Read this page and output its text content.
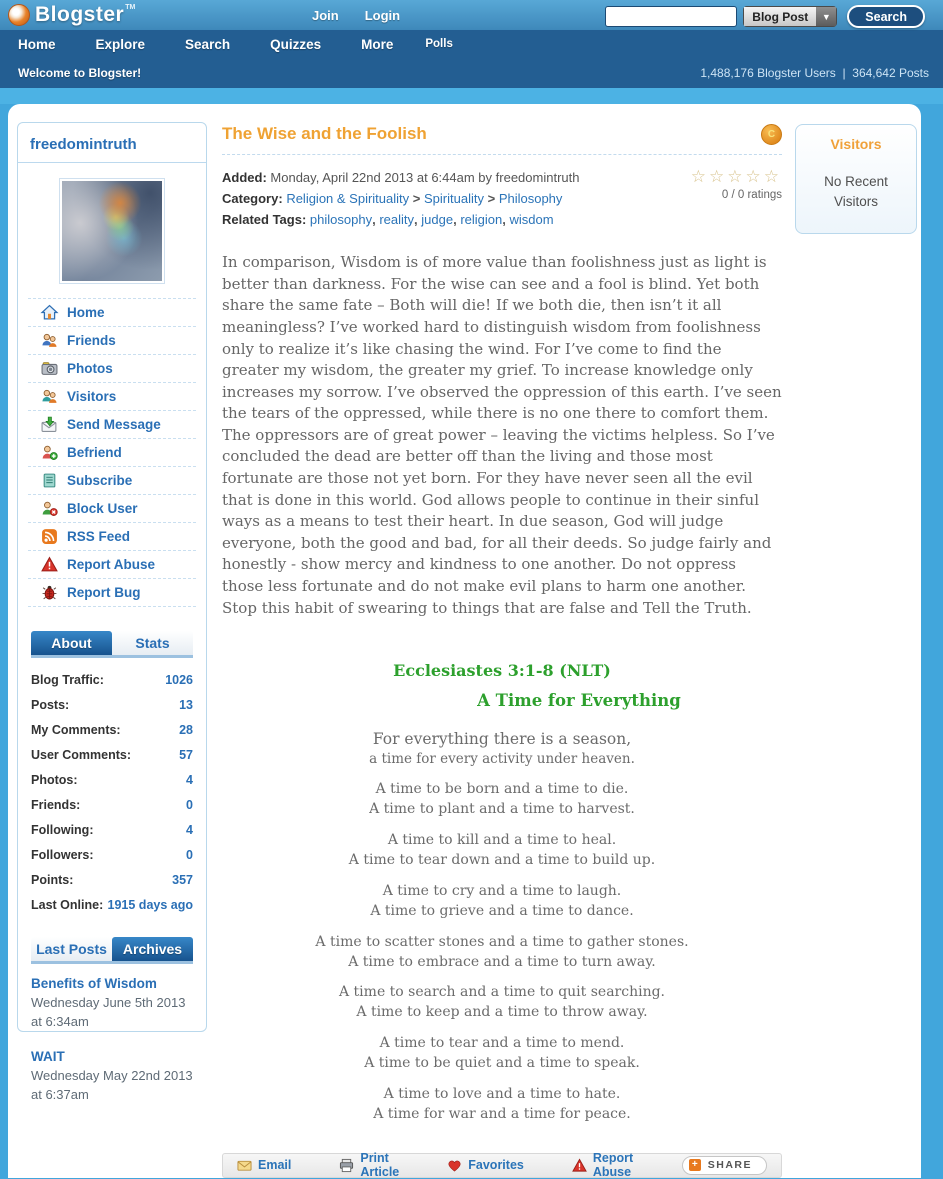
Blogster TM	Join Login
Home	Explore	Search	Quizzes	More	Polls
Welcome to Blogster!
Blog Post	▼	Search
1,488,176 Blogster Users | 364,642 Posts
freedomintruth
Home
Friends
Photos
Visitors
Send Message
Befriend
Subscribe
Block User
RSS Feed
Report Abuse
Report Bug
About	Stats
Blog Traffic:	1026
Posts:	13
My Comments:	28
User Comments:	57
Photos:	4
Friends:	0
Following:	4
Followers:	0
Points:	357
Last Online: 1915 days ago
Last Posts	Archives
Benefits of Wisdom
Wednesday June 5th 2013 at 6:34am
WAIT
Wednesday May 22nd 2013 at 6:37am
The Wise and the Foolish	C
Added: Monday, April 22nd 2013 at 6:44am by freedomintruth
Category: Religion & Spirituality > Spirituality > Philosophy
Related Tags: philosophy, reality, judge, religion, wisdom
☆☆☆☆☆
0 / 0 ratings

In comparison, Wisdom is of more value than foolishness just as light is better than darkness. For the wise can see and a fool is blind. Yet both share the same fate – Both will die! If we both die, then isn’t it all meaningless? I’ve worked hard to distinguish wisdom from foolishness only to realize it’s like chasing the wind. For I’ve come to find the greater my wisdom, the greater my grief. To increase knowledge only increases my sorrow. I’ve observed the oppression of this earth. I’ve seen the tears of the oppressed, while there is no one there to comfort them. The oppressors are of great power – leaving the victims helpless. So I’ve concluded the dead are better off than the living and those most fortunate are those not yet born. For they have never seen all the evil that is done in this world. God allows people to continue in their sinful ways as a means to test their heart. In due season, God will judge everyone, both the good and bad, for all their deeds. So judge fairly and honestly - show mercy and kindness to one another. Do not oppress those less fortunate and do not make evil plans to harm one another. Stop this habit of swearing to things that are false and Tell the Truth.

Ecclesiastes 3:1-8 (NLT)
A Time for Everything

For everything there is a season,

a time for every activity under heaven.

A time to be born and a time to die.

A time to plant and a time to harvest.

A time to kill and a time to heal.

A time to tear down and a time to build up.

A time to cry and a time to laugh.

A time to grieve and a time to dance.

A time to scatter stones and a time to gather stones.

A time to embrace and a time to turn away.

A time to search and a time to quit searching.

A time to keep and a time to throw away.

A time to tear and a time to mend.

A time to be quiet and a time to speak.

A time to love and a time to hate.

A time for war and a time for peace.

Email	Print Article	Favorites	Report Abuse
+ SHARE
Visitors
No Recent Visitors
